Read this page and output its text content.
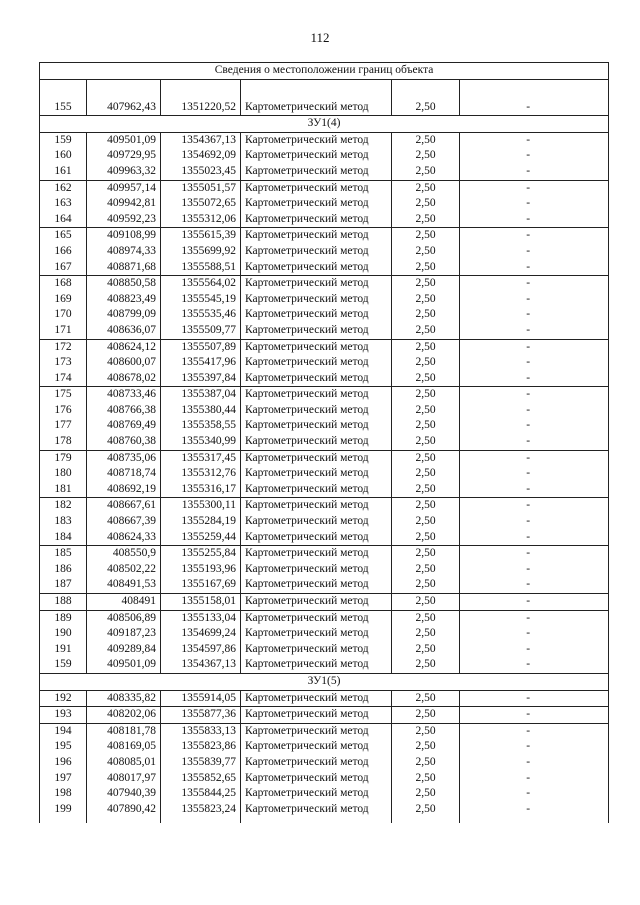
112
Сведения о местоположении границ объекта					

155	407962,43	1351220,52	Картометрический метод	2,50	-
ЗУ1(4)					
159	409501,09	1354367,13	Картометрический метод	2,50	-
160	409729,95	1354692,09	Картометрический метод	2,50	-
161	409963,32	1355023,45	Картометрический метод	2,50	-
162	409957,14	1355051,57	Картометрический метод	2,50	-
163	409942,81	1355072,65	Картометрический метод	2,50	-
164	409592,23	1355312,06	Картометрический метод	2,50	-
165	409108,99	1355615,39	Картометрический метод	2,50	-
166	408974,33	1355699,92	Картометрический метод	2,50	-
167	408871,68	1355588,51	Картометрический метод	2,50	-
168	408850,58	1355564,02	Картометрический метод	2,50	-
169	408823,49	1355545,19	Картометрический метод	2,50	-
170	408799,09	1355535,46	Картометрический метод	2,50	-
171	408636,07	1355509,77	Картометрический метод	2,50	-
172	408624,12	1355507,89	Картометрический метод	2,50	-
173	408600,07	1355417,96	Картометрический метод	2,50	-
174	408678,02	1355397,84	Картометрический метод	2,50	-
175	408733,46	1355387,04	Картометрический метод	2,50	-
176	408766,38	1355380,44	Картометрический метод	2,50	-
177	408769,49	1355358,55	Картометрический метод	2,50	-
178	408760,38	1355340,99	Картометрический метод	2,50	-
179	408735,06	1355317,45	Картометрический метод	2,50	-
180	408718,74	1355312,76	Картометрический метод	2,50	-
181	408692,19	1355316,17	Картометрический метод	2,50	-
182	408667,61	1355300,11	Картометрический метод	2,50	-
183	408667,39	1355284,19	Картометрический метод	2,50	-
184	408624,33	1355259,44	Картометрический метод	2,50	-
185	408550,9	1355255,84	Картометрический метод	2,50	-
186	408502,22	1355193,96	Картометрический метод	2,50	-
187	408491,53	1355167,69	Картометрический метод	2,50	-
188	408491	1355158,01	Картометрический метод	2,50	-
189	408506,89	1355133,04	Картометрический метод	2,50	-
190	409187,23	1354699,24	Картометрический метод	2,50	-
191	409289,84	1354597,86	Картометрический метод	2,50	-
159	409501,09	1354367,13	Картометрический метод	2,50	-
ЗУ1(5)					
192	408335,82	1355914,05	Картометрический метод	2,50	-
193	408202,06	1355877,36	Картометрический метод	2,50	-
194	408181,78	1355833,13	Картометрический метод	2,50	-
195	408169,05	1355823,86	Картометрический метод	2,50	-
196	408085,01	1355839,77	Картометрический метод	2,50	-
197	408017,97	1355852,65	Картометрический метод	2,50	-
198	407940,39	1355844,25	Картометрический метод	2,50	-
199	407890,42	1355823,24	Картометрический метод	2,50	-
